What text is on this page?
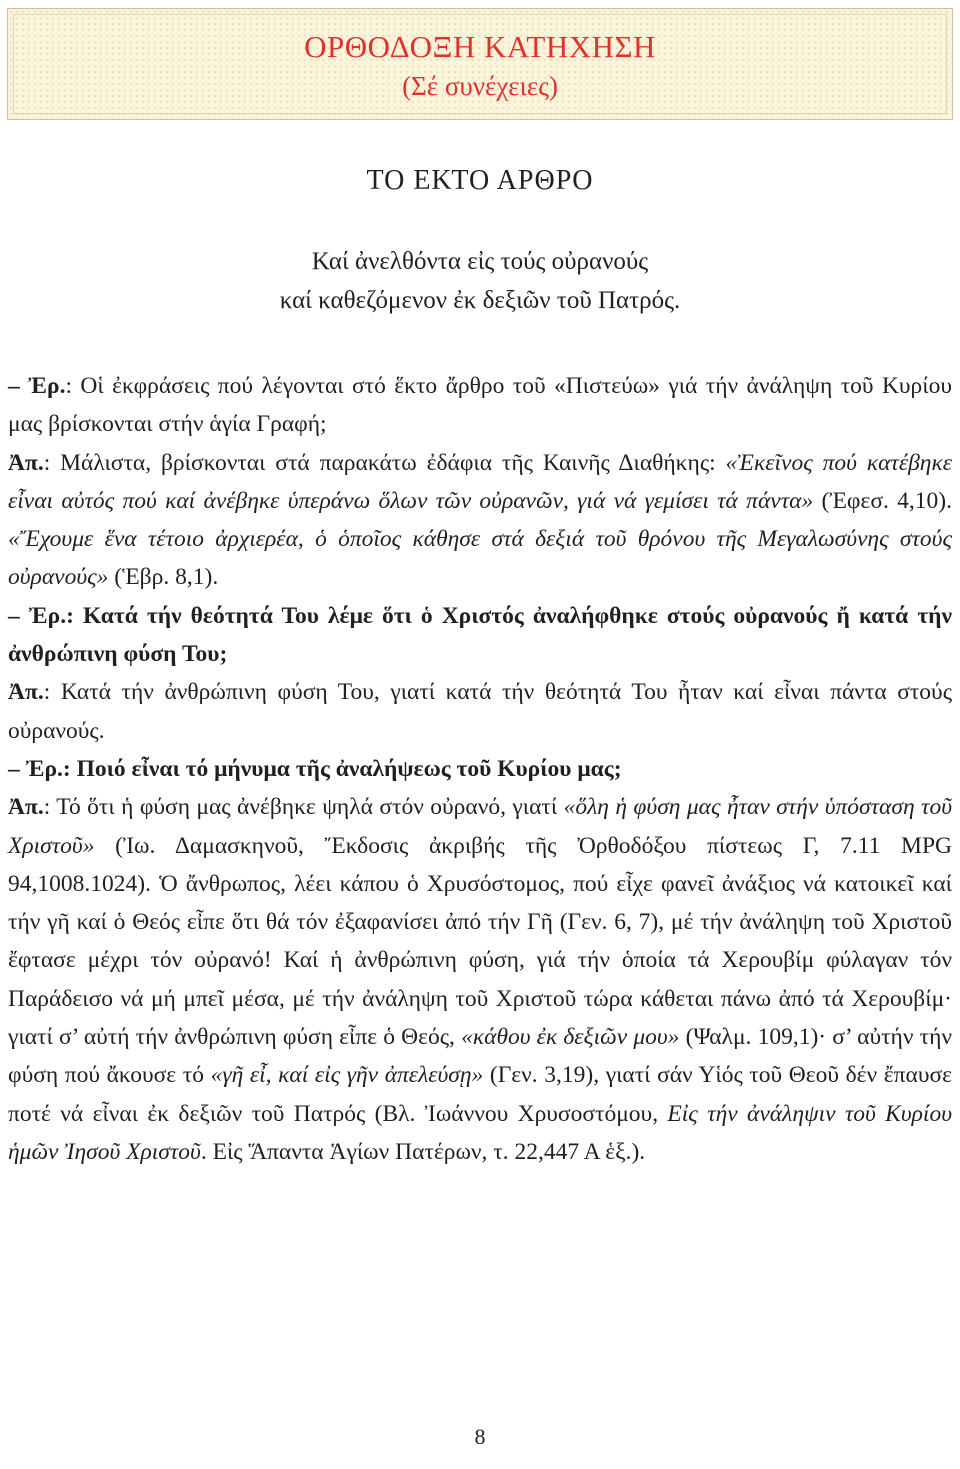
ΟΡΘΟΔΟΞΗ ΚΑΤΗΧΗΣΗ
(Σέ συνέχειες)
ΤΟ ΕΚΤΟ ΑΡΘΡΟ
Καί ἀνελθόντα εἰς τούς οὐρανούς
καί καθεζόμενον ἐκ δεξιῶν τοῦ Πατρός.

– Ἐρ.: Οἱ ἐκφράσεις πού λέγονται στό ἕκτο ἄρθρο τοῦ «Πιστεύω» γιά τήν ἀνάληψη τοῦ Κυρίου μας βρίσκονται στήν ἁγία Γραφή;

Ἀπ.: Μάλιστα, βρίσκονται στά παρακάτω ἐδάφια τῆς Καινῆς Διαθήκης: «Ἐκεῖνος πού κατέβηκε εἶναι αὐτός πού καί ἀνέβηκε ὑπεράνω ὅλων τῶν οὐρανῶν, γιά νά γεμίσει τά πάντα» (Ἐφεσ. 4,10). «Ἔχουμε ἕνα τέτοιο ἀρχιερέα, ὁ ὁποῖος κάθησε στά δεξιά τοῦ θρόνου τῆς Μεγαλωσύνης στούς οὐρανούς» (Ἑβρ. 8,1).

– Ἐρ.: Κατά τήν θεότητά Του λέμε ὅτι ὁ Χριστός ἀναλήφθηκε στούς οὐρανούς ἤ κατά τήν ἀνθρώπινη φύση Του;

Ἀπ.: Κατά τήν ἀνθρώπινη φύση Του, γιατί κατά τήν θεότητά Του ἦταν καί εἶναι πάντα στούς οὐρανούς.

– Ἐρ.: Ποιό εἶναι τό μήνυμα τῆς ἀναλήψεως τοῦ Κυρίου μας;

Ἀπ.: Τό ὅτι ἡ φύση μας ἀνέβηκε ψηλά στόν οὐρανό, γιατί «ὅλη ἡ φύση μας ἦταν στήν ὑπόσταση τοῦ Χριστοῦ» (Ἰω. Δαμασκηνοῦ, Ἔκδοσις ἀκριβής τῆς Ὀρθοδόξου πίστεως Γ, 7.11 MPG 94,1008.1024). Ὁ ἄνθρωπος, λέει κάπου ὁ Χρυσόστομος, πού εἶχε φανεῖ ἀνάξιος νά κατοικεῖ καί τήν γῆ καί ὁ Θεός εἶπε ὅτι θά τόν ἐξαφανίσει ἀπό τήν Γῆ (Γεν. 6, 7), μέ τήν ἀνάληψη τοῦ Χριστοῦ ἔφτασε μέχρι τόν οὐρανό! Καί ἡ ἀνθρώπινη φύση, γιά τήν ὁποία τά Χερουβίμ φύλαγαν τόν Παράδεισο νά μή μπεῖ μέσα, μέ τήν ἀνάληψη τοῦ Χριστοῦ τώρα κάθεται πάνω ἀπό τά Χερουβίμ· γιατί σ’ αὐτή τήν ἀνθρώπινη φύση εἶπε ὁ Θεός, «κάθου ἐκ δεξιῶν μου» (Ψαλμ. 109,1)· σ’ αὐτήν τήν φύση πού ἄκουσε τό «γῆ εἶ, καί εἰς γῆν ἀπελεύσῃ» (Γεν. 3,19), γιατί σάν Υἱός τοῦ Θεοῦ δέν ἔπαυσε ποτέ νά εἶναι ἐκ δεξιῶν τοῦ Πατρός (Βλ. Ἰωάννου Χρυσοστόμου, Εἰς τήν ἀνάληψιν τοῦ Κυρίου ἡμῶν Ἰησοῦ Χριστοῦ. Εἰς Ἅπαντα Ἁγίων Πατέρων, τ. 22,447 Α ἑξ.).

8
